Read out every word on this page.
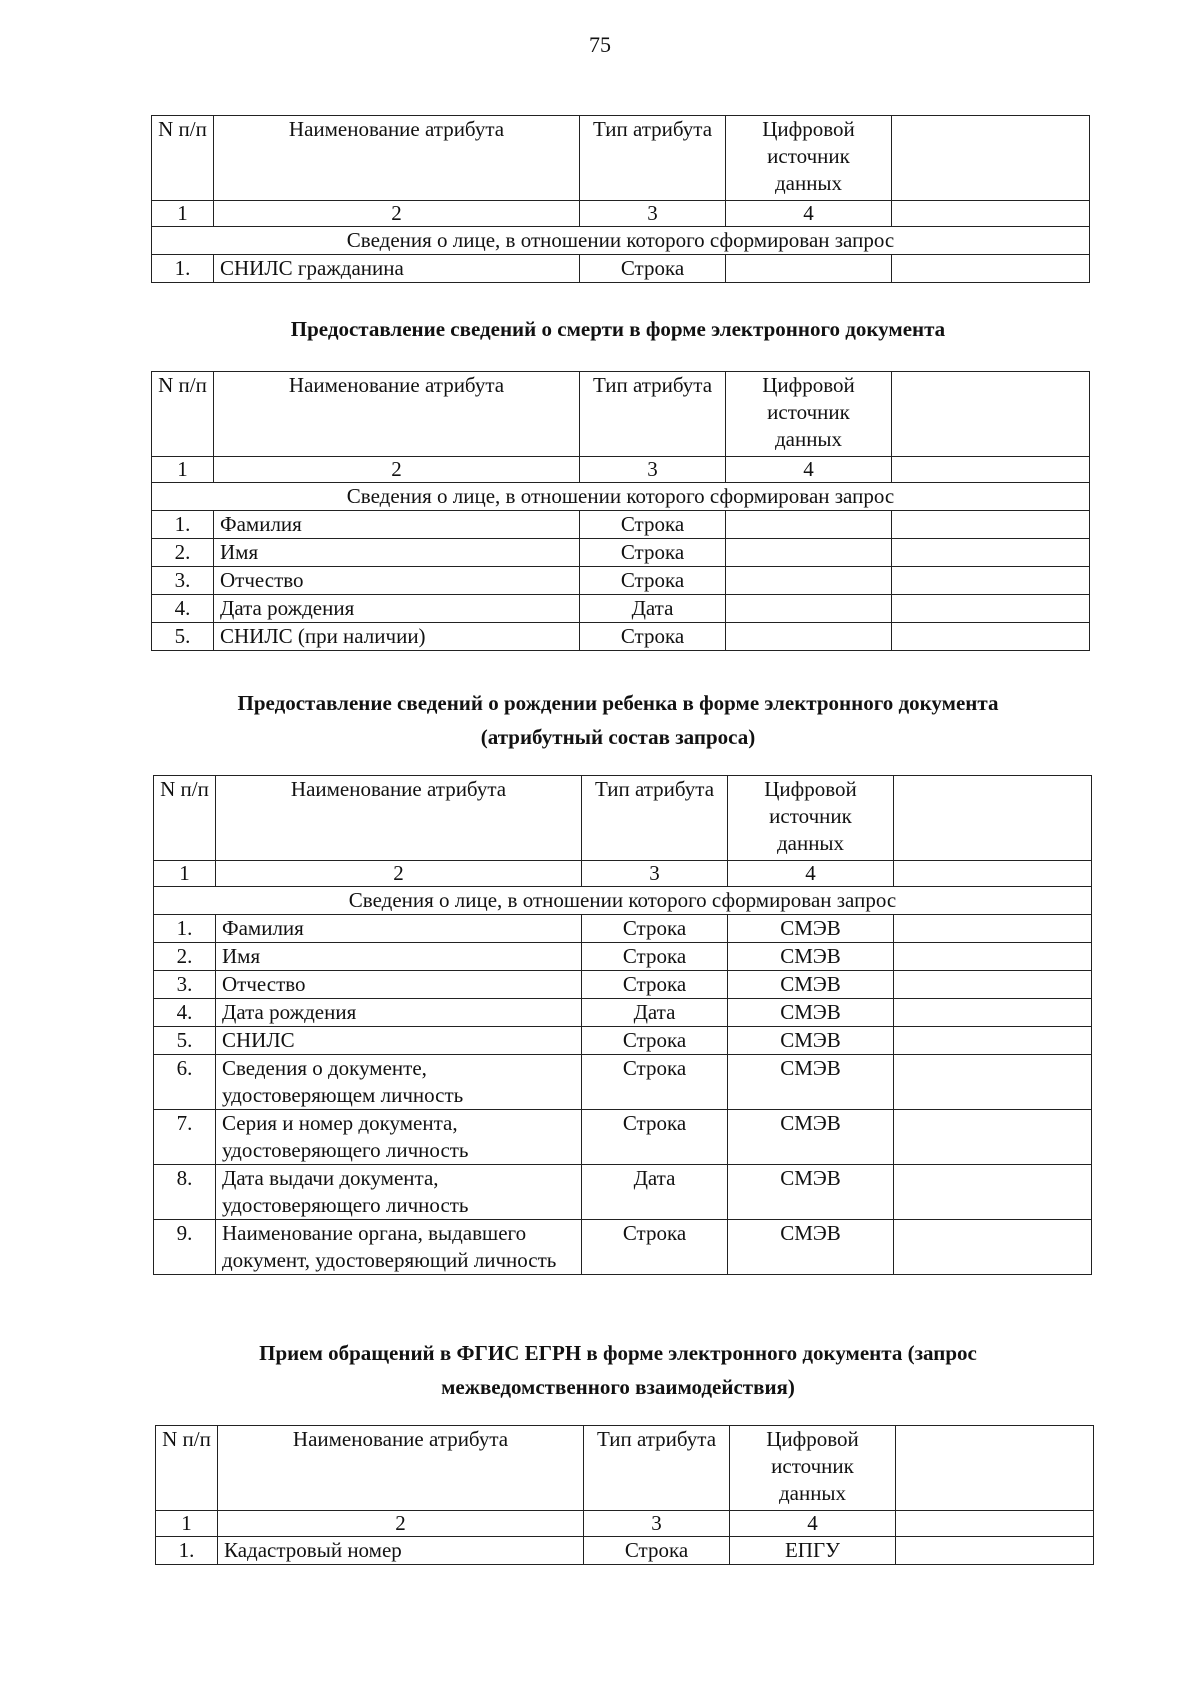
75
N п/п	Наименование атрибута	Тип атрибута	Цифровой источник данных	
1	2	3	4	
Сведения о лице, в отношении которого сформирован запрос				
1.	СНИЛС гражданина	Строка		
Предоставление сведений о смерти в форме электронного документа
N п/п	Наименование атрибута	Тип атрибута	Цифровой источник данных	
1	2	3	4	
Сведения о лице, в отношении которого сформирован запрос				
1.	Фамилия	Строка		
2.	Имя	Строка		
3.	Отчество	Строка		
4.	Дата рождения	Дата		
5.	СНИЛС (при наличии)	Строка		
Предоставление сведений о рождении ребенка в форме электронного документа
(атрибутный состав запроса)
N п/п	Наименование атрибута	Тип атрибута	Цифровой источник данных	
1	2	3	4	
Сведения о лице, в отношении которого сформирован запрос				
1.	Фамилия	Строка	СМЭВ	
2.	Имя	Строка	СМЭВ	
3.	Отчество	Строка	СМЭВ	
4.	Дата рождения	Дата	СМЭВ	
5.	СНИЛС	Строка	СМЭВ	
6.	Сведения о документе, удостоверяющем личность	Строка	СМЭВ	
7.	Серия и номер документа, удостоверяющего личность	Строка	СМЭВ	
8.	Дата выдачи документа, удостоверяющего личность	Дата	СМЭВ	
9.	Наименование органа, выдавшего документ, удостоверяющий личность	Строка	СМЭВ	
Прием обращений в ФГИС ЕГРН в форме электронного документа (запрос
межведомственного взаимодействия)
N п/п	Наименование атрибута	Тип атрибута	Цифровой источник данных	
1	2	3	4	
1.	Кадастровый номер	Строка	ЕПГУ	
